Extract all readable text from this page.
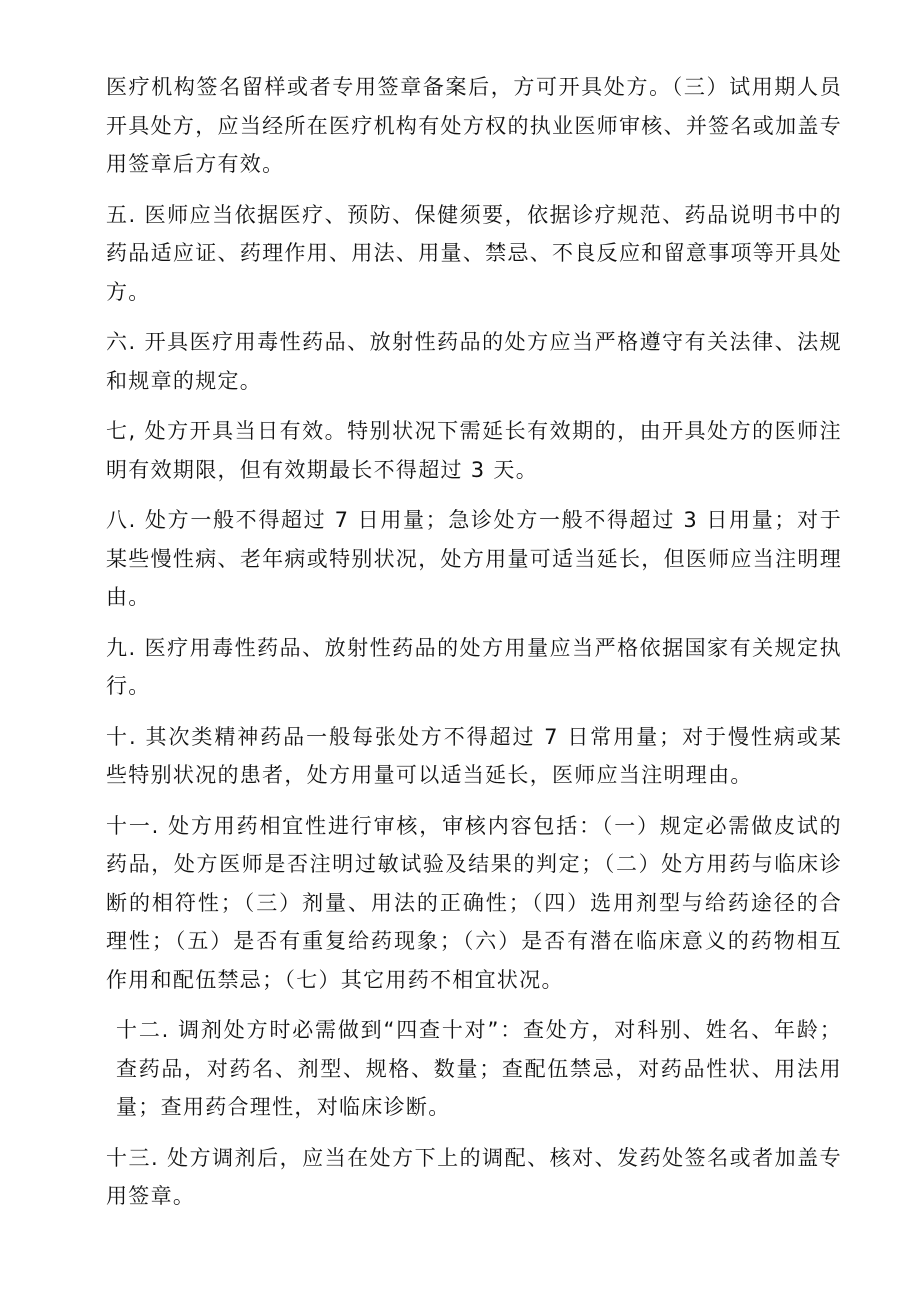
医疗机构签名留样或者专用签章备案后，方可开具处方。（三）试用期人员开具处方，应当经所在医疗机构有处方权的执业医师审核、并签名或加盖专用签章后方有效。

五. 医师应当依据医疗、预防、保健须要，依据诊疗规范、药品说明书中的药品适应证、药理作用、用法、用量、禁忌、不良反应和留意事项等开具处方。

六. 开具医疗用毒性药品、放射性药品的处方应当严格遵守有关法律、法规和规章的规定。

七, 处方开具当日有效。特别状况下需延长有效期的，由开具处方的医师注明有效期限，但有效期最长不得超过 3 天。

八. 处方一般不得超过 7 日用量；急诊处方一般不得超过 3 日用量；对于某些慢性病、老年病或特别状况，处方用量可适当延长，但医师应当注明理由。

九. 医疗用毒性药品、放射性药品的处方用量应当严格依据国家有关规定执行。

十. 其次类精神药品一般每张处方不得超过 7 日常用量；对于慢性病或某些特别状况的患者，处方用量可以适当延长，医师应当注明理由。

十一. 处方用药相宜性进行审核，审核内容包括：（一）规定必需做皮试的药品，处方医师是否注明过敏试验及结果的判定；（二）处方用药与临床诊断的相符性；（三）剂量、用法的正确性；（四）选用剂型与给药途径的合理性；（五）是否有重复给药现象；（六）是否有潜在临床意义的药物相互作用和配伍禁忌；（七）其它用药不相宜状况。

十二. 调剂处方时必需做到“四查十对”：查处方，对科别、姓名、年龄；查药品，对药名、剂型、规格、数量；查配伍禁忌，对药品性状、用法用量；查用药合理性，对临床诊断。

十三. 处方调剂后，应当在处方下上的调配、核对、发药处签名或者加盖专用签章。
